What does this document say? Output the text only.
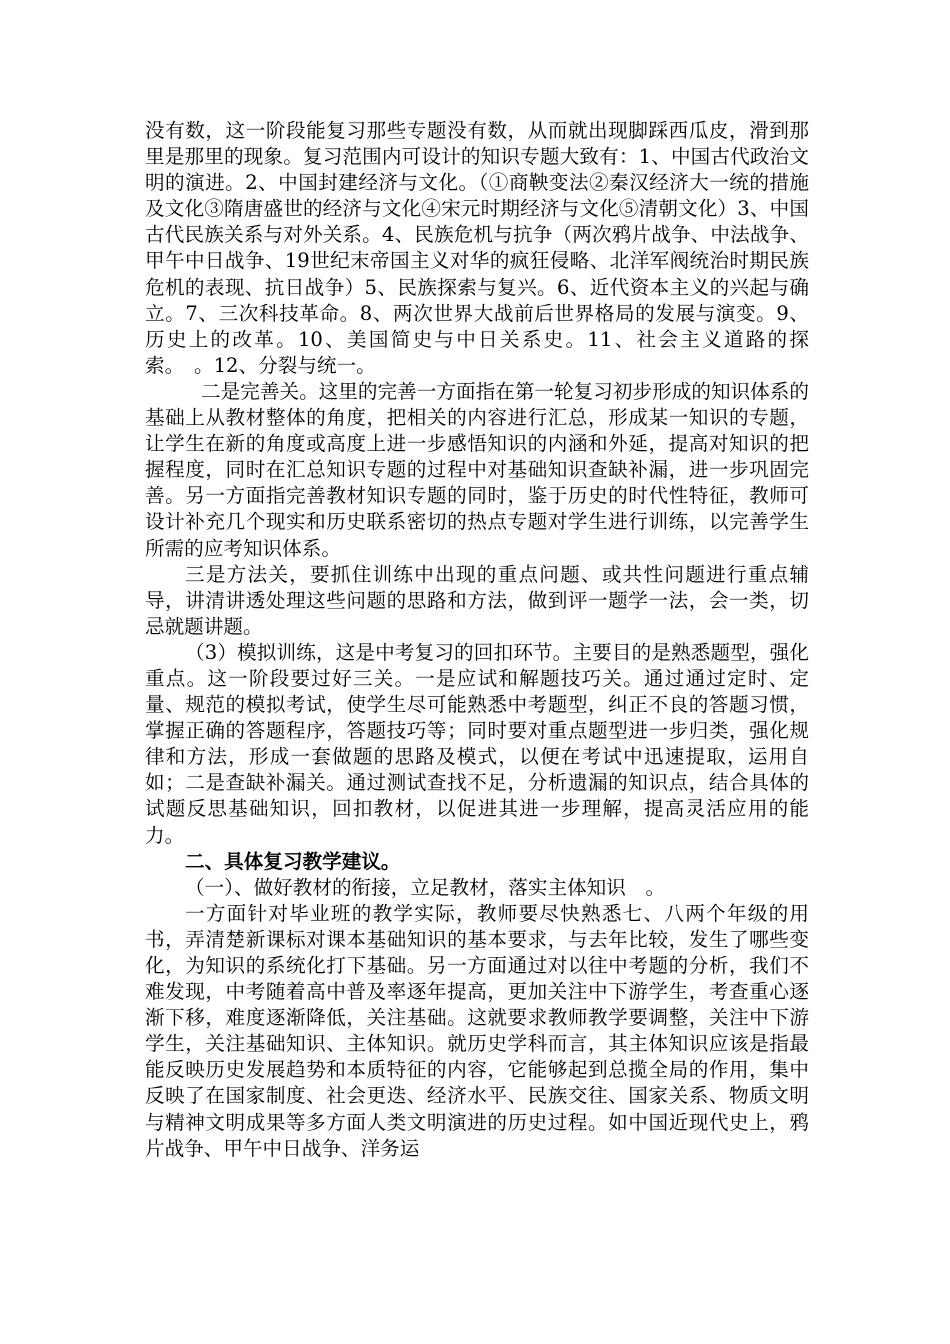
没有数，这一阶段能复习那些专题没有数，从而就出现脚踩西瓜皮，滑到那里是那里的现象。复习范围内可设计的知识专题大致有：1、中国古代政治文明的演进。2、中国封建经济与文化。（①商鞅变法②秦汉经济大一统的措施及文化③隋唐盛世的经济与文化④宋元时期经济与文化⑤清朝文化）3、中国古代民族关系与对外关系。4、民族危机与抗争（两次鸦片战争、中法战争、甲午中日战争、19世纪末帝国主义对华的疯狂侵略、北洋军阀统治时期民族危机的表现、抗日战争）5、民族探索与复兴。6、近代资本主义的兴起与确立。7、三次科技革命。8、两次世界大战前后世界格局的发展与演变。9、历史上的改革。10、美国简史与中日关系史。11、社会主义道路的探索。　。12、分裂与统一。

二是完善关。这里的完善一方面指在第一轮复习初步形成的知识体系的基础上从教材整体的角度，把相关的内容进行汇总，形成某一知识的专题，让学生在新的角度或高度上进一步感悟知识的内涵和外延，提高对知识的把握程度，同时在汇总知识专题的过程中对基础知识查缺补漏，进一步巩固完善。另一方面指完善教材知识专题的同时，鉴于历史的时代性特征，教师可设计补充几个现实和历史联系密切的热点专题对学生进行训练，以完善学生所需的应考知识体系。

三是方法关，要抓住训练中出现的重点问题、或共性问题进行重点辅导，讲清讲透处理这些问题的思路和方法，做到评一题学一法，会一类，切忌就题讲题。

（3）模拟训练，这是中考复习的回扣环节。主要目的是熟悉题型，强化重点。这一阶段要过好三关。一是应试和解题技巧关。通过通过定时、定量、规范的模拟考试，使学生尽可能熟悉中考题型，纠正不良的答题习惯，掌握正确的答题程序，答题技巧等；同时要对重点题型进一步归类，强化规律和方法，形成一套做题的思路及模式，以便在考试中迅速提取，运用自如；二是查缺补漏关。通过测试查找不足，分析遗漏的知识点，结合具体的试题反思基础知识，回扣教材，以促进其进一步理解，提高灵活应用的能力。

二、具体复习教学建议。

（一）、做好教材的衔接，立足教材，落实主体知识　。

一方面针对毕业班的教学实际，教师要尽快熟悉七、八两个年级的用书，弄清楚新课标对课本基础知识的基本要求，与去年比较，发生了哪些变化，为知识的系统化打下基础。另一方面通过对以往中考题的分析，我们不难发现，中考随着高中普及率逐年提高，更加关注中下游学生，考查重心逐渐下移，难度逐渐降低，关注基础。这就要求教师教学要调整，关注中下游学生，关注基础知识、主体知识。就历史学科而言，其主体知识应该是指最能反映历史发展趋势和本质特征的内容，它能够起到总揽全局的作用，集中反映了在国家制度、社会更迭、经济水平、民族交往、国家关系、物质文明与精神文明成果等多方面人类文明演进的历史过程。如中国近现代史上，鸦片战争、甲午中日战争、洋务运
